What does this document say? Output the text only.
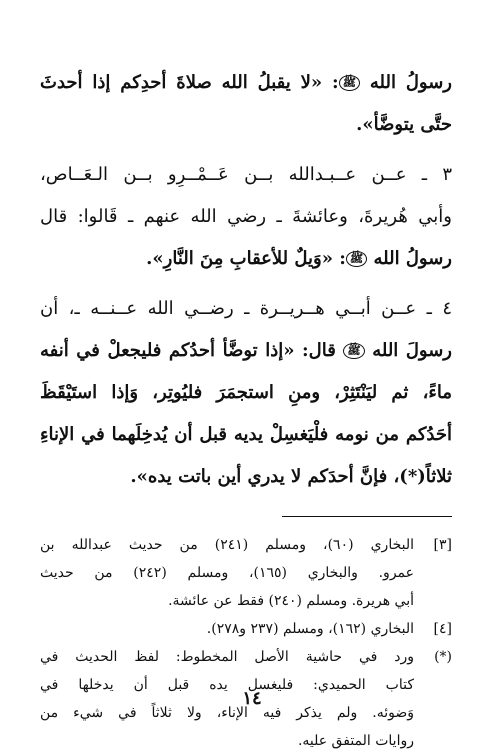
رسولُ الله ﷺ: «لا يقبلُ الله صلاةَ أحدِكم إذا أحدثَ
حتَّى يتوضَّأ».
٣ ـ عــن عــبـدالله بــن عَــمْــرِو بــن الـعَــاص،
وأبي هُريرةَ، وعائشةَ ـ رضي الله عنهم ـ قَالوا: قال
رسولُ الله ﷺ: «وَيلٌ للأعقابِ مِنَ النَّارِ».
٤ ـ عــن أبــي هــريــرة ـ رضــي الله عــنــه ـ، أن
رسولَ الله ﷺ قال: «إذا توضَّأ أحدُكم فليجعلْ في أنفه
ماءً، ثم ليَنْتَثِرْ، ومنِ استجمَرَ فليُوتِر، وَإذا استَيْقَظَ
أحَدُكم من نومه فلْيَغسِلْ يديه قبل أن يُدخِلَهما في الإناءِ
ثلاثاً(*)، فإنَّ أحدَكم لا يدري أين باتت يده».
[٣]
البخاري (٦٠)، ومسلم (٢٤١) من حديث عبدالله بن
عمرو. والبخاري (١٦٥)، ومسلم (٢٤٢) من حديث
أبي هريرة. ومسلم (٢٤٠) فقط عن عائشة.
[٤]
البخاري (١٦٢)، ومسلم (٢٣٧ و٢٧٨).
(*)
ورد في حاشية الأصل المخطوط: لفظ الحديث في
كتاب الحميدي: فليغسل يده قبل أن يدخلها في
وَضوئه. ولم يذكر فيه الإناء، ولا ثلاثاً في شيء من
روايات المتفق عليه.
١٤
